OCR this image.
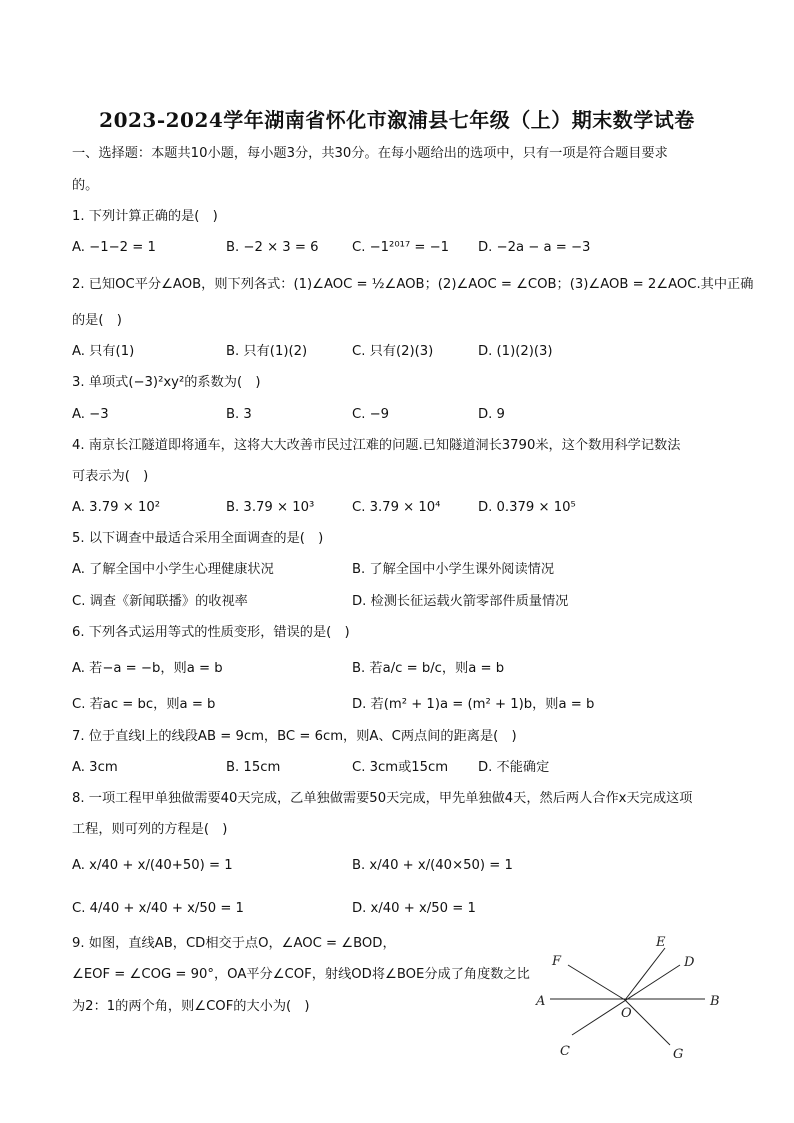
2023-2024学年湖南省怀化市溆浦县七年级（上）期末数学试卷
一、选择题：本题共10小题，每小题3分，共30分。在每小题给出的选项中，只有一项是符合题目要求
的。
1. 下列计算正确的是(　)
A. −1−2 = 1	B. −2 × 3 = 6	C. −1²⁰¹⁷ = −1 D. −2a − a = −3
2. 已知OC平分∠AOB，则下列各式：(1)∠AOC = ½∠AOB；(2)∠AOC = ∠COB；(3)∠AOB = 2∠AOC.其中正确
的是(　)
A. 只有(1)	B. 只有(1)(2)	C. 只有(2)(3)	D. (1)(2)(3)
3. 单项式(−3)²xy²的系数为(　)
A. −3	B. 3	C. −9	D. 9
4. 南京长江隧道即将通车，这将大大改善市民过江难的问题.已知隧道洞长3790米，这个数用科学记数法
可表示为(　)
A. 3.79 × 10²	B. 3.79 × 10³	C. 3.79 × 10⁴	D. 0.379 × 10⁵
5. 以下调查中最适合采用全面调查的是(　)
A. 了解全国中小学生心理健康状况	B. 了解全国中小学生课外阅读情况
C. 调查《新闻联播》的收视率	D. 检测长征运载火箭零部件质量情况
6. 下列各式运用等式的性质变形，错误的是(　)
A. 若−a = −b，则a = b	B. 若a/c = b/c，则a = b
C. 若ac = bc，则a = b	D. 若(m² + 1)a = (m² + 1)b，则a = b
7. 位于直线l上的线段AB = 9cm，BC = 6cm，则A、C两点间的距离是(　)
A. 3cm	B. 15cm	C. 3cm或15cm D. 不能确定
8. 一项工程甲单独做需要40天完成，乙单独做需要50天完成，甲先单独做4天，然后两人合作x天完成这项
工程，则可列的方程是(　)
A. x/40 + x/(40+50) = 1	B. x/40 + x/(40×50) = 1
C. 4/40 + x/40 + x/50 = 1	D. x/40 + x/50 = 1
9. 如图，直线AB，CD相交于点O，∠AOC = ∠BOD，
∠EOF = ∠COG = 90°，OA平分∠COF，射线OD将∠BOE分成了角度数之比
为2：1的两个角，则∠COF的大小为(　)	A	B
C
D
E
F
G
O
